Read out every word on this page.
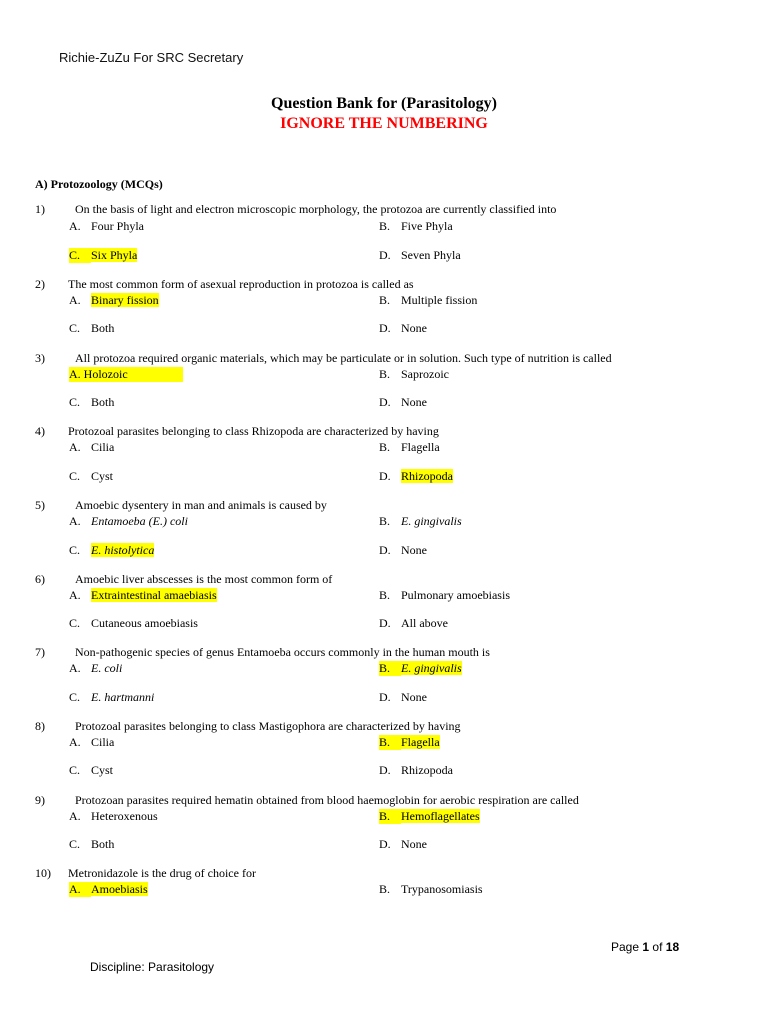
Richie-ZuZu For SRC Secretary
Question Bank for (Parasitology)
IGNORE THE NUMBERING
A) Protozoology (MCQs)
1)	On the basis of light and electron microscopic morphology, the protozoa are currently classified into
A. Four Phyla	B. Five Phyla
C. Six Phyla	D. Seven Phyla
2) The most common form of asexual reproduction in protozoa is called as
A. Binary fission	B. Multiple fission
C. Both	D. None
3)	All protozoa required organic materials, which may be particulate or in solution. Such type of nutrition is called
A. Holozoic	B. Saprozoic
C. Both	D. None
4) Protozoal parasites belonging to class Rhizopoda are characterized by having
A. Cilia	B. Flagella
C. Cyst	D. Rhizopoda
5)	Amoebic dysentery in man and animals is caused by
A. Entamoeba (E.) coli	B. E. gingivalis
C. E. histolytica	D. None
6)	Amoebic liver abscesses is the most common form of
A. Extraintestinal amaebiasis	B. Pulmonary amoebiasis
C. Cutaneous amoebiasis	D. All above
7)	Non-pathogenic species of genus Entamoeba occurs commonly in the human mouth is
A. E. coli	B. E. gingivalis
C. E. hartmanni	D. None
8)	Protozoal parasites belonging to class Mastigophora are characterized by having
A. Cilia	B. Flagella
C. Cyst	D. Rhizopoda
9)	Protozoan parasites required hematin obtained from blood haemoglobin for aerobic respiration are called
A. Heteroxenous	B. Hemoflagellates
C. Both	D. None
10) Metronidazole is the drug of choice for
A. Amoebiasis	B. Trypanosomiasis
Page 1 of 18
Discipline: Parasitology
